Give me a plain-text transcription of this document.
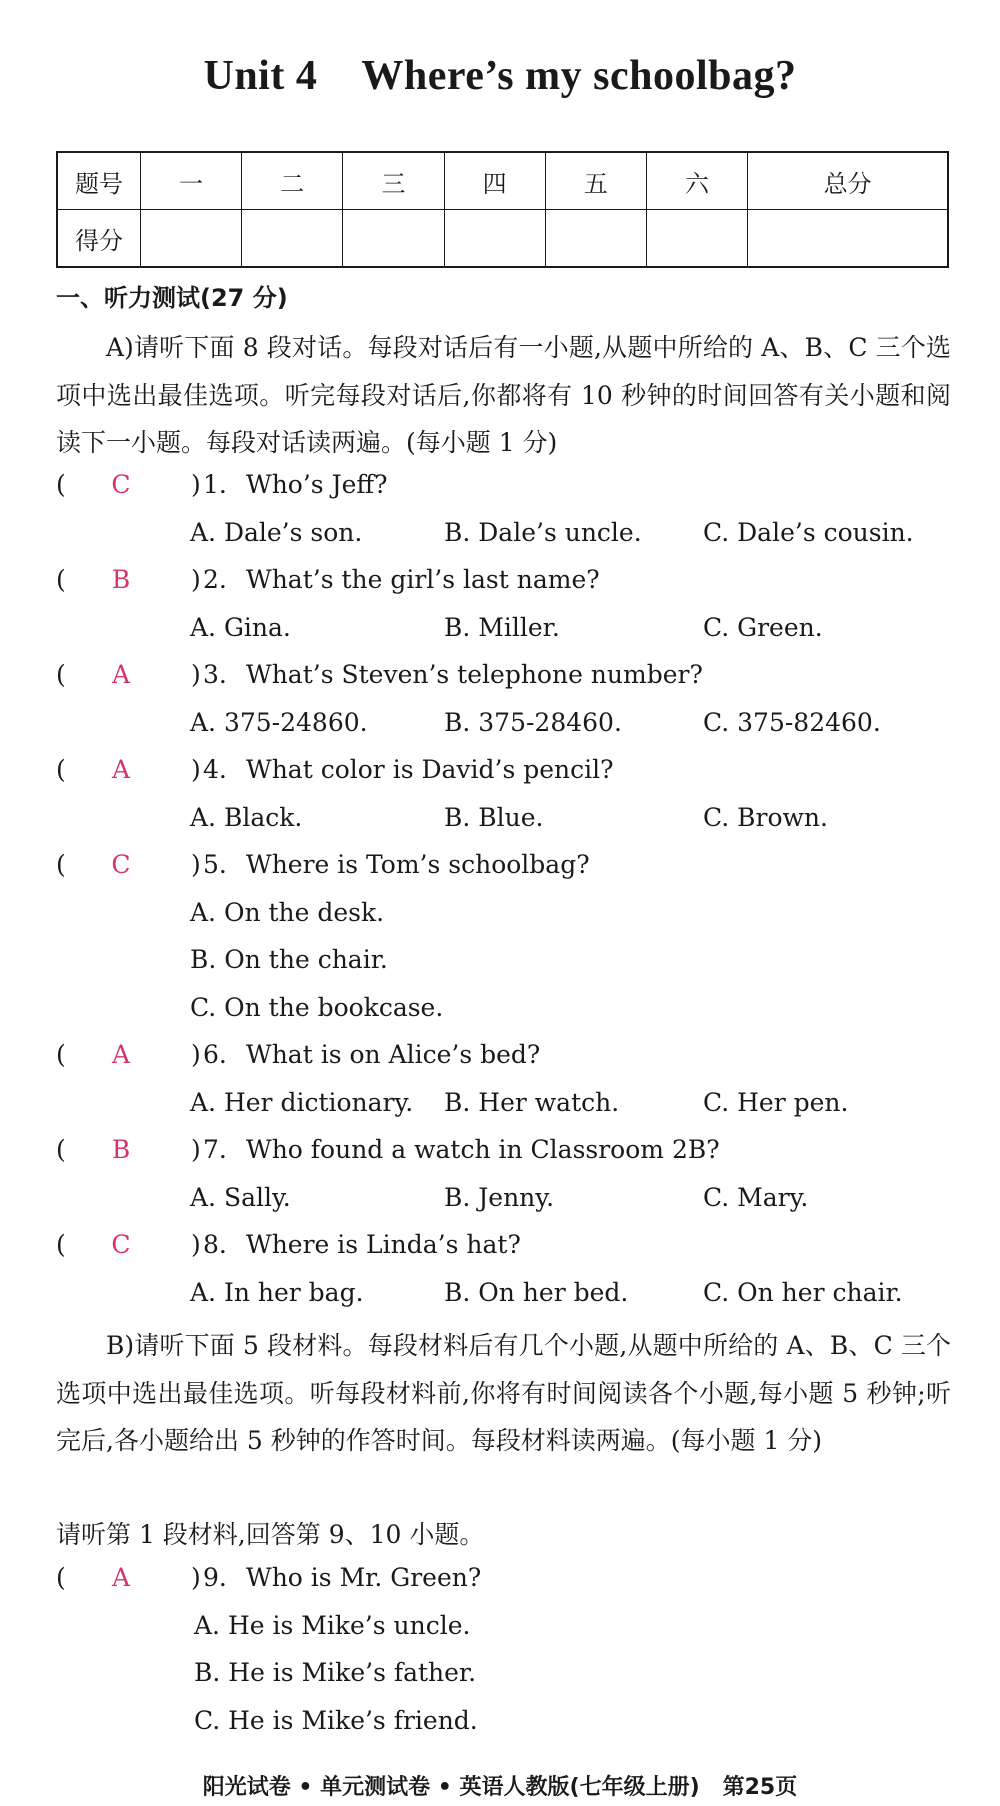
Unit 4 Where’s my schoolbag?
题号	一	二	三	四	五	六	总分
得分							
一、听力测试(27 分)
A)请听下面 8 段对话。每段对话后有一小题,从题中所给的 A、B、C 三个选项中选出最佳选项。听完每段对话后,你都将有 10 秒钟的时间回答有关小题和阅读下一小题。每段对话读两遍。(每小题 1 分)
(	C	) 1. Who’s Jeff?
A. Dale’s son.	B. Dale’s uncle. C. Dale’s cousin.
(	B	) 2. What’s the girl’s last name?
A. Gina.	B. Miller.	C. Green.
(	A	) 3. What’s Steven’s telephone number?
A. 375-24860.	B. 375-28460.	C. 375-82460.
(	A	) 4. What color is David’s pencil?
A. Black.	B. Blue.	C. Brown.
(	C	) 5. Where is Tom’s schoolbag?
A. On the desk.
B. On the chair.
C. On the bookcase.
(	A	) 6. What is on Alice’s bed?
A. Her dictionary. B. Her watch.	C. Her pen.
(	B	) 7. Who found a watch in Classroom 2B?
A. Sally.	B. Jenny.	C. Mary.
(	C	) 8. Where is Linda’s hat?
A. In her bag.	B. On her bed.	C. On her chair.
B)请听下面 5 段材料。每段材料后有几个小题,从题中所给的 A、B、C 三个选项中选出最佳选项。听每段材料前,你将有时间阅读各个小题,每小题 5 秒钟;听完后,各小题给出 5 秒钟的作答时间。每段材料读两遍。(每小题 1 分)
请听第 1 段材料,回答第 9、10 小题。
(	A	) 9. Who is Mr. Green?
A. He is Mike’s uncle.
B. He is Mike’s father.
C. He is Mike’s friend.
阳光试卷 • 单元测试卷 • 英语人教版(七年级上册) 第25页
